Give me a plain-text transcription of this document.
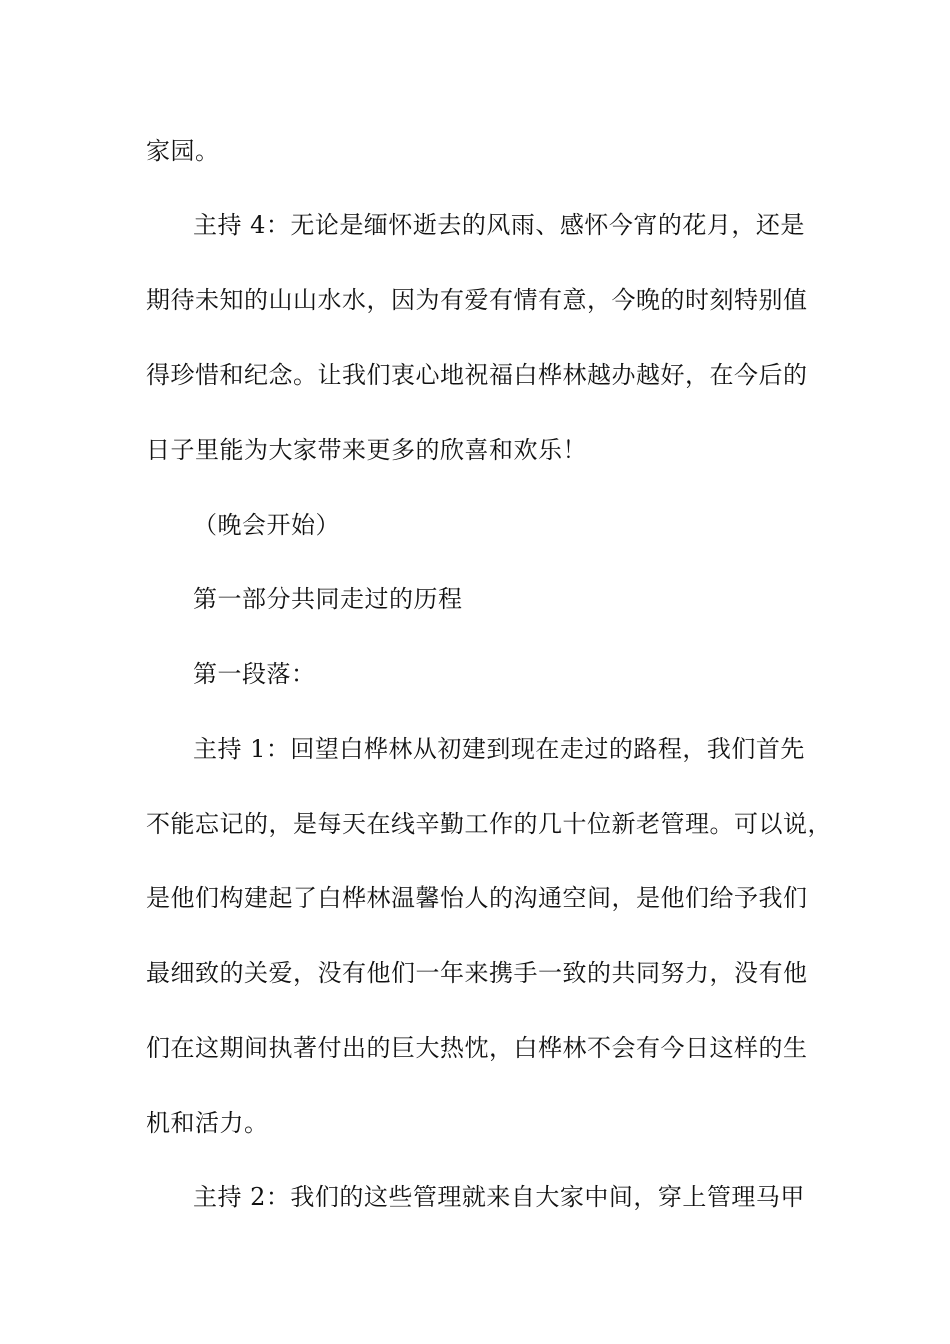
家园。
主持 4：无论是缅怀逝去的风雨、感怀今宵的花月，还是
期待未知的山山水水，因为有爱有情有意，今晚的时刻特别值
得珍惜和纪念。让我们衷心地祝福白桦林越办越好，在今后的
日子里能为大家带来更多的欣喜和欢乐！
（晚会开始）
第一部分共同走过的历程
第一段落：
主持 1：回望白桦林从初建到现在走过的路程，我们首先
不能忘记的，是每天在线辛勤工作的几十位新老管理。可以说，
是他们构建起了白桦林温馨怡人的沟通空间，是他们给予我们
最细致的关爱，没有他们一年来携手一致的共同努力，没有他
们在这期间执著付出的巨大热忱，白桦林不会有今日这样的生
机和活力。
主持 2：我们的这些管理就来自大家中间，穿上管理马甲
